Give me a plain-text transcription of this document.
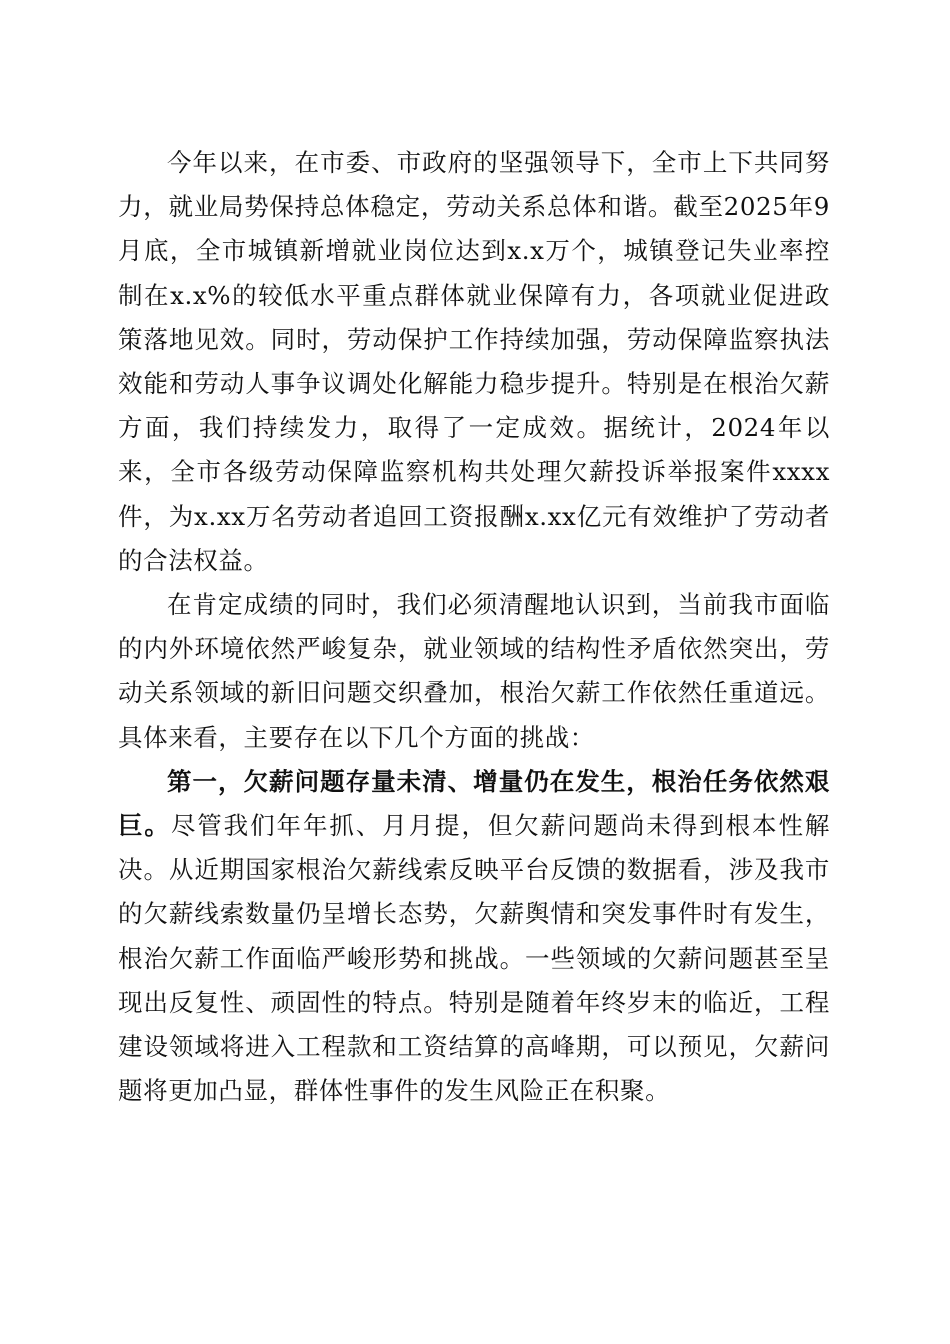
今年以来，在市委、市政府的坚强领导下，全市上下共同努力，就业局势保持总体稳定，劳动关系总体和谐。截至2025年9月底，全市城镇新增就业岗位达到x.x万个，城镇登记失业率控制在x.x%的较低水平重点群体就业保障有力，各项就业促进政策落地见效。同时，劳动保护工作持续加强，劳动保障监察执法效能和劳动人事争议调处化解能力稳步提升。特别是在根治欠薪方面，我们持续发力，取得了一定成效。据统计，2024年以来，全市各级劳动保障监察机构共处理欠薪投诉举报案件xxxx件，为x.xx万名劳动者追回工资报酬x.xx亿元有效维护了劳动者的合法权益。

在肯定成绩的同时，我们必须清醒地认识到，当前我市面临的内外环境依然严峻复杂，就业领域的结构性矛盾依然突出，劳动关系领域的新旧问题交织叠加，根治欠薪工作依然任重道远。具体来看，主要存在以下几个方面的挑战：

第一，欠薪问题存量未清、增量仍在发生，根治任务依然艰巨。尽管我们年年抓、月月提，但欠薪问题尚未得到根本性解决。从近期国家根治欠薪线索反映平台反馈的数据看，涉及我市的欠薪线索数量仍呈增长态势，欠薪舆情和突发事件时有发生，根治欠薪工作面临严峻形势和挑战。一些领域的欠薪问题甚至呈现出反复性、顽固性的特点。特别是随着年终岁末的临近，工程建设领域将进入工程款和工资结算的高峰期，可以预见，欠薪问题将更加凸显，群体性事件的发生风险正在积聚。
